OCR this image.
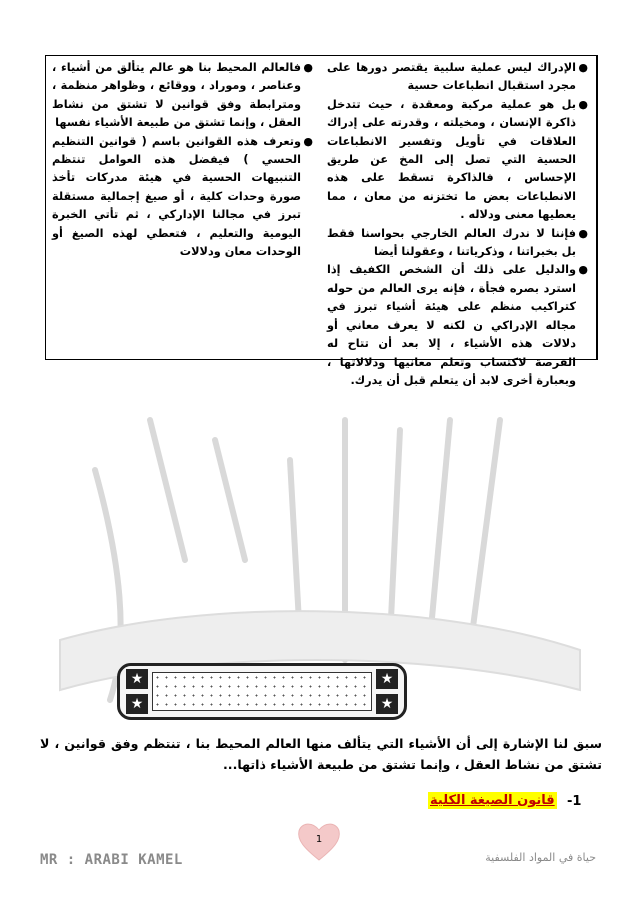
●
فالعالم المحيط بنا هو عالم يتألق من أشياء ، وعناصر ، وموراد ، ووقائع ، وظواهر منظمة ، ومترابطة وفق قوانين لا تشتق من نشاط العقل ، وإنما تشتق من طبيعة الأشياء نفسها
●
وتعرف هذه القوانين باسم ( قوانين التنظيم الحسي ) فيفضل هذه العوامل تنتظم التنبيهات الحسية في هيئة مدركات تأخذ صورة وحدات كلية ، أو صيغ إجمالية مستقلة تبرز في مجالنا الإداركي ، ثم تأتي الخبرة اليومية والتعليم ، فتعطي لهذه الصيغ أو الوحدات معان ودلالات
●
الإدراك ليس عملية سلبية يقتصر دورها على مجرد استقبال انطباعات حسية
●
بل هو عملية مركبة ومعقدة ، حيث تتدخل ذاكرة الإنسان ، ومخيلته ، وقدرته على إدراك العلاقات في تأويل وتفسير الانطباعات الحسية التي تصل إلى المخ عن طريق الإحساس ، فالذاكرة تسقط على هذه الانطباعات بعض ما تختزنه من معان ، مما يعطيها معنى ودلاله .
●
فإننا لا ندرك العالم الخارجي بحواسنا فقط بل بخبراتنا ، وذكرياتنا ، وعقولنا أيضا
●
والدليل على ذلك أن الشخص الكفيف إذا استرد بصره فجأة ، فإنه يرى العالم من حوله كتراكيب منظم على هيئة أشياء تبرز في مجاله الإدراكي ن لكنه لا يعرف معاني أو دلالات هذه الأشياء ، إلا بعد أن تتاح له الفرصة لاكتساب وتعلم معانيها ودلالاتها ، وبعبارة أخرى لابد أن يتعلم قبل أن يدرك.
★
★
★
★
سبق لنا الإشارة إلى أن الأشياء التي يتألف منها العالم المحيط بنا ، تنتظم وفق قوانين ، لا تشتق من نشاط العقل ، وإنما تشتق من طبيعة الأشياء ذاتها...
-1
قانون الصيغة الكلية
1
MR : ARABI KAMEL	حياة في المواد الفلسفية
